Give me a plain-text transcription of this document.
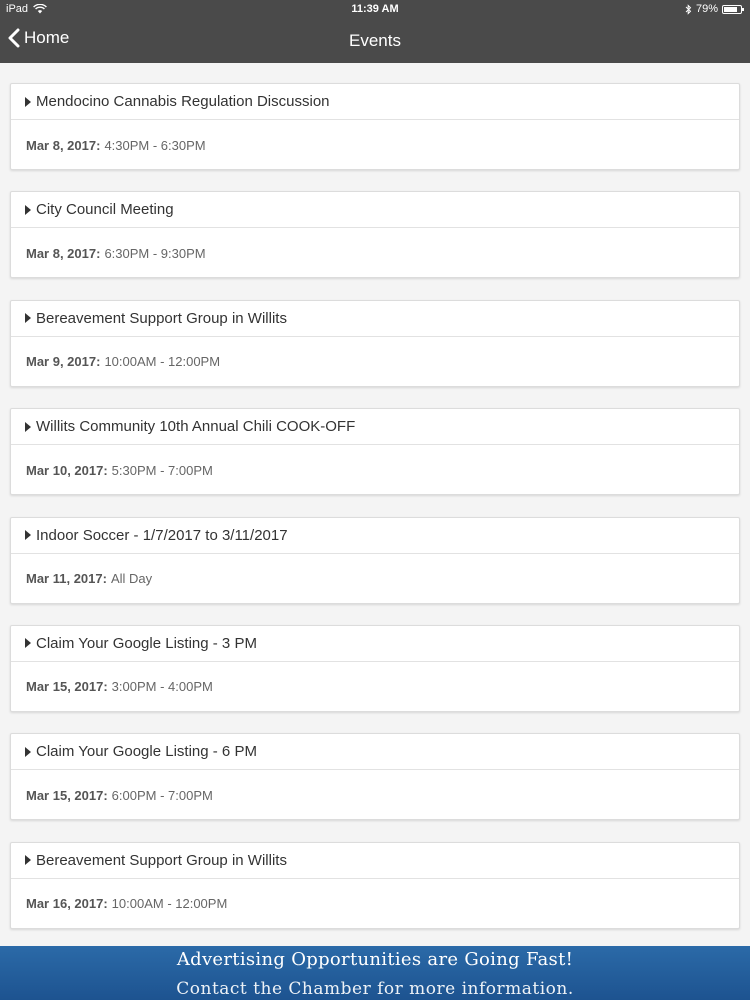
iPad	11:39 AM	79%
Home	Events
Mendocino Cannabis Regulation Discussion
Mar 8, 2017: 4:30PM - 6:30PM
City Council Meeting
Mar 8, 2017: 6:30PM - 9:30PM
Bereavement Support Group in Willits
Mar 9, 2017: 10:00AM - 12:00PM
Willits Community 10th Annual Chili COOK-OFF
Mar 10, 2017: 5:30PM - 7:00PM
Indoor Soccer - 1/7/2017 to 3/11/2017
Mar 11, 2017: All Day
Claim Your Google Listing - 3 PM
Mar 15, 2017: 3:00PM - 4:00PM
Claim Your Google Listing - 6 PM
Mar 15, 2017: 6:00PM - 7:00PM
Bereavement Support Group in Willits
Mar 16, 2017: 10:00AM - 12:00PM
Advertising Opportunities are Going Fast!
Contact the Chamber for more information.
